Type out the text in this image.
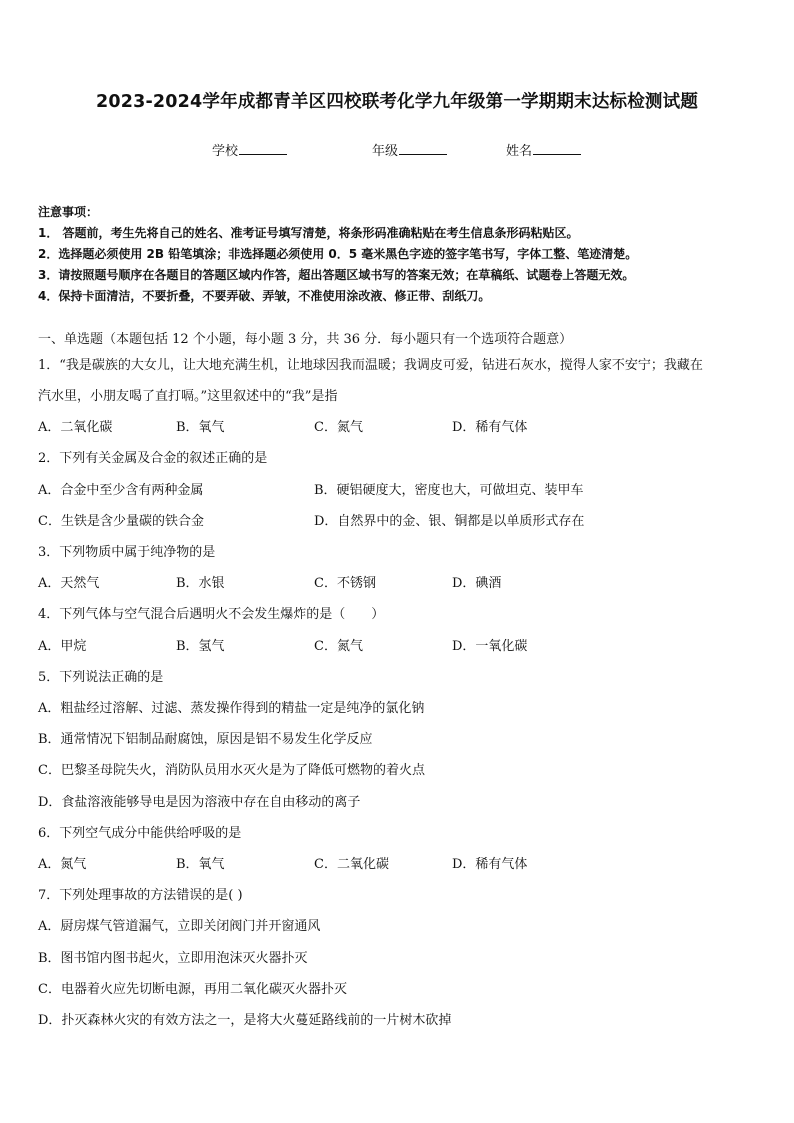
2023-2024学年成都青羊区四校联考化学九年级第一学期期末达标检测试题
学校	年级	姓名
注意事项：
1． 答题前，考生先将自己的姓名、准考证号填写清楚，将条形码准确粘贴在考生信息条形码粘贴区。
2．选择题必须使用 2B 铅笔填涂；非选择题必须使用 0．5 毫米黑色字迹的签字笔书写，字体工整、笔迹清楚。
3．请按照题号顺序在各题目的答题区域内作答，超出答题区域书写的答案无效；在草稿纸、试题卷上答题无效。
4．保持卡面清洁，不要折叠，不要弄破、弄皱，不准使用涂改液、修正带、刮纸刀。
一、单选题（本题包括 12 个小题，每小题 3 分，共 36 分．每小题只有一个选项符合题意）
1．“我是碳族的大女儿，让大地充满生机，让地球因我而温暖；我调皮可爱，钻进石灰水，搅得人家不安宁；我藏在
汽水里，小朋友喝了直打嗝。”这里叙述中的“我”是指
A．二氧化碳	B．氧气	C．氮气	D．稀有气体
2．下列有关金属及合金的叙述正确的是
A．合金中至少含有两种金属	B．硬铝硬度大，密度也大，可做坦克、装甲车
C．生铁是含少量碳的铁合金	D．自然界中的金、银、铜都是以单质形式存在
3．下列物质中属于纯净物的是
A．天然气	B．水银	C．不锈钢	D．碘酒
4．下列气体与空气混合后遇明火不会发生爆炸的是（　　）
A．甲烷	B．氢气	C．氮气	D．一氧化碳
5．下列说法正确的是
A．粗盐经过溶解、过滤、蒸发操作得到的精盐一定是纯净的氯化钠
B．通常情况下铝制品耐腐蚀，原因是铝不易发生化学反应
C．巴黎圣母院失火，消防队员用水灭火是为了降低可燃物的着火点
D．食盐溶液能够导电是因为溶液中存在自由移动的离子
6．下列空气成分中能供给呼吸的是
A．氮气	B．氧气	C．二氧化碳	D．稀有气体
7．下列处理事故的方法错误的是( )
A．厨房煤气管道漏气，立即关闭阀门并开窗通风
B．图书馆内图书起火，立即用泡沫灭火器扑灭
C．电器着火应先切断电源，再用二氧化碳灭火器扑灭
D．扑灭森林火灾的有效方法之一，是将大火蔓延路线前的一片树木砍掉
